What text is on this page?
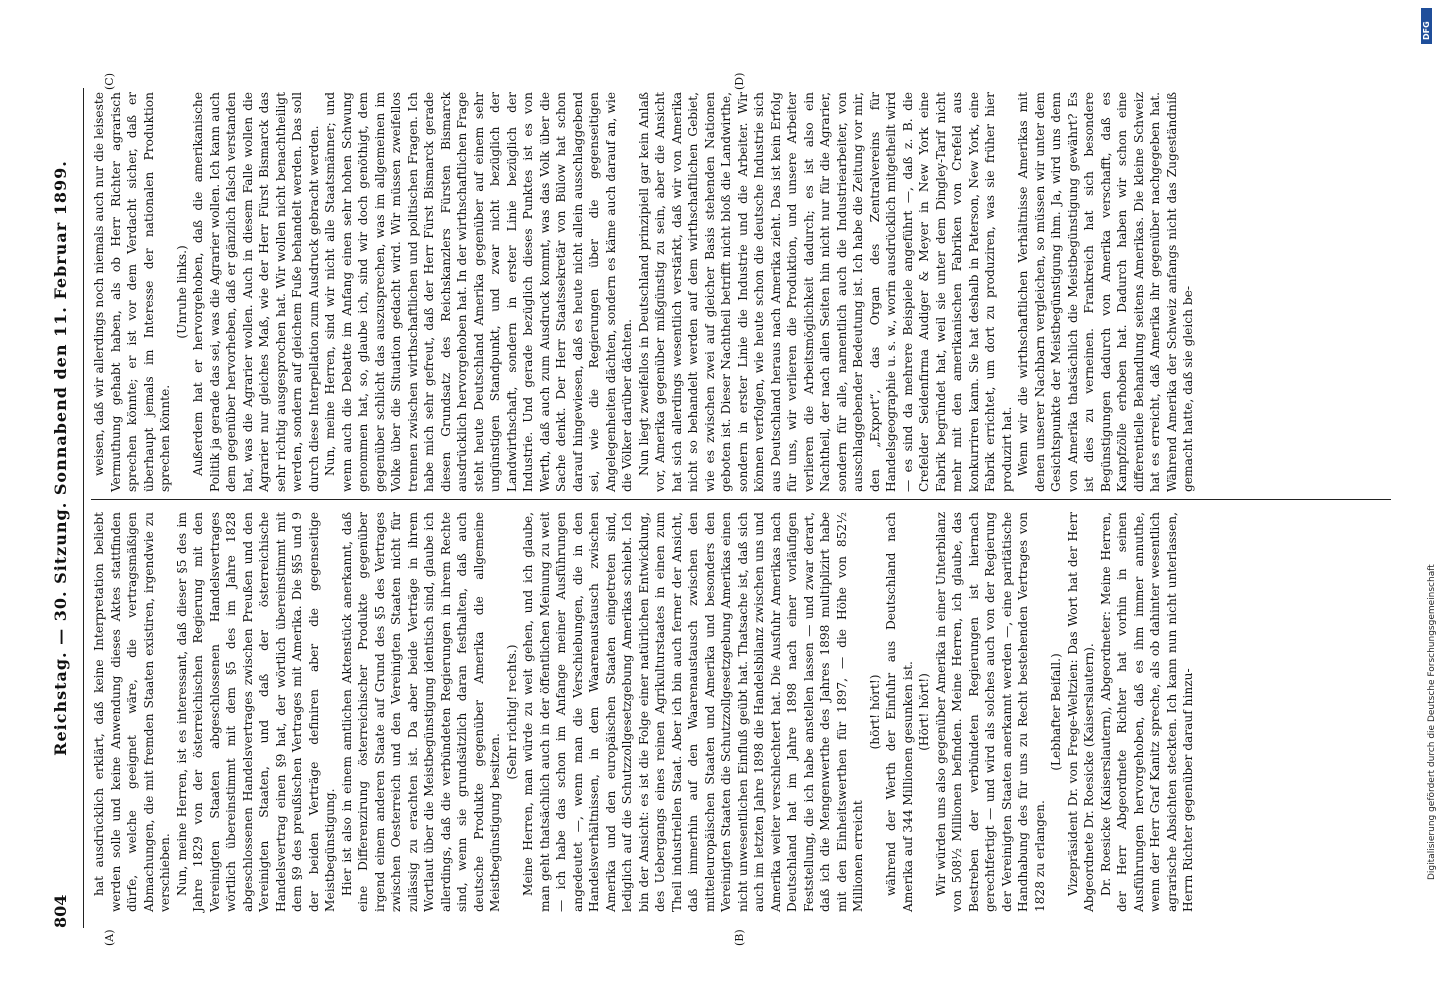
804
Reichstag. — 30. Sitzung. Sonnabend den 11. Februar 1899.
(A)	(B)
(C)	(D)

hat ausdrücklich erklärt, daß keine Interpretation beliebt werden solle und keine Anwendung dieses Aktes stattfinden dürfe, welche geeignet wäre, die vertragsmäßigen Abmachungen, die mit fremden Staaten existiren, irgendwie zu verschieben. Nun, meine Herren, ist es interessant, daß dieser §5 des im Jahre 1829 von der österreichischen Regierung mit den Vereinigten Staaten abgeschlossenen Handelsvertrages wörtlich übereinstimmt mit dem §5 des im Jahre 1828 abgeschlossenen Handelsvertrages zwischen Preußen und den Vereinigten Staaten, und daß der österreichische Handelsvertrag einen §9 hat, der wörtlich übereinstimmt mit dem §9 des preußischen Vertrages mit Amerika. Die §§5 und 9 der beiden Verträge definiren aber die gegenseitige Meistbegünstigung. Hier ist also in einem amtlichen Aktenstück anerkannt, daß eine Differenzirung österreichischer Produkte gegenüber irgend einem anderen Staate auf Grund des §5 des Vertrages zwischen Oesterreich und den Vereinigten Staaten nicht für zulässig zu erachten ist. Da aber beide Verträge in ihrem Wortlaut über die Meistbegünstigung identisch sind, glaube ich allerdings, daß die verbündeten Regierungen in ihrem Rechte sind, wenn sie grundsätzlich daran festhalten, daß auch deutsche Produkte gegenüber Amerika die allgemeine Meistbegünstigung besitzen.

(Sehr richtig! rechts.) Meine Herren, man würde zu weit gehen, und ich glaube, man geht thatsächlich auch in der öffentlichen Meinung zu weit — ich habe das schon im Anfange meiner Ausführungen angedeutet —, wenn man die Verschiebungen, die in den Handelsverhältnissen, in dem Waarenaustausch zwischen Amerika und den europäischen Staaten eingetreten sind, lediglich auf die Schutzzollgesetzgebung Amerikas schiebt. Ich bin der Ansicht: es ist die Folge einer natürlichen Entwicklung, des Uebergangs eines reinen Agrikulturstaates in einen zum Theil industriellen Staat. Aber ich bin auch ferner der Ansicht, daß immerhin auf den Waarenaustausch zwischen den mitteleuropäischen Staaten und Amerika und besonders den Vereinigten Staaten die Schutzzollgesetzgebung Amerikas einen nicht unwesentlichen Einfluß geübt hat. Thatsache ist, daß sich auch im letzten Jahre 1898 die Handelsbilanz zwischen uns und Amerika weiter verschlechtert hat. Die Ausfuhr Amerikas nach Deutschland hat im Jahre 1898 nach einer vorläufigen Feststellung, die ich habe anstellen lassen — und zwar derart, daß ich die Mengenwerthe des Jahres 1898 multiplizirt habe mit den Einheitswerthen für 1897, — die Höhe von 852½ Millionen erreicht

(hört! hört!) während der Werth der Einfuhr aus Deutschland nach Amerika auf 344 Millionen gesunken ist. (Hört! hört!) Wir würden uns also gegenüber Amerika in einer Unterbilanz von 508½ Millionen befinden. Meine Herren, ich glaube, das Bestreben der verbündeten Regierungen ist hiernach gerechtfertigt — und wird als solches auch von der Regierung der Vereinigten Staaten anerkannt werden —, eine paritätische Handhabung des für uns zu Recht bestehenden Vertrages von 1828 zu erlangen.

(Lebhafter Beifall.) Vizepräsident Dr. von Frege-Weltzien: Das Wort hat der Herr Abgeordnete Dr. Roesicke (Kaiserslautern). Dr. Roesicke (Kaiserslautern), Abgeordneter: Meine Herren, der Herr Abgeordnete Richter hat vorhin in seinen Ausführungen hervorgehoben, daß es ihm immer annuthe, wenn der Herr Graf Kanitz spreche, als ob dahinter wesentlich agrarische Absichten steckten. Ich kann nun nicht unterlassen, Herrn Richter gegenüber darauf hinzu-

weisen, daß wir allerdings noch niemals auch nur die leiseste Vermuthung gehabt haben, als ob Herr Richter agrarisch sprechen könnte; er ist vor dem Verdacht sicher, daß er überhaupt jemals im Interesse der nationalen Produktion sprechen könnte.

(Unruhe links.) Außerdem hat er hervorgehoben, daß die amerikanische Politik ja gerade das sei, was die Agrarier wollen. Ich kann auch dem gegenüber hervorheben, daß er gänzlich falsch verstanden hat, was die Agrarier wollen. Auch in diesem Falle wollen die Agrarier nur gleiches Maß, wie der Herr Fürst Bismarck das sehr richtig ausgesprochen hat. Wir wollen nicht benachtheiligt werden, sondern auf gleichem Fuße behandelt werden. Das soll durch diese Interpellation zum Ausdruck gebracht werden. Nun, meine Herren, sind wir nicht alle Staatsmänner; und wenn auch die Debatte im Anfang einen sehr hohen Schwung genommen hat, so, glaube ich, sind wir doch genöthigt, dem gegenüber schlicht das auszusprechen, was im allgemeinen im Volke über die Situation gedacht wird. Wir müssen zweifellos trennen zwischen wirthschaftlichen und politischen Fragen. Ich habe mich sehr gefreut, daß der Herr Fürst Bismarck gerade diesen Grundsatz des Reichskanzlers Fürsten Bismarck ausdrücklich hervorgehoben hat. In der wirthschaftlichen Frage steht heute Deutschland Amerika gegenüber auf einem sehr ungünstigen Standpunkt, und zwar nicht bezüglich der Landwirthschaft, sondern in erster Linie bezüglich der Industrie. Und gerade bezüglich dieses Punktes ist es von Werth, daß auch zum Ausdruck kommt, was das Volk über die Sache denkt. Der Herr Staatssekretär von Bülow hat schon darauf hingewiesen, daß es heute nicht allein ausschlaggebend sei, wie die Regierungen über die gegenseitigen Angelegenheiten dächten, sondern es käme auch darauf an, wie die Völker darüber dächten. Nun liegt zweifellos in Deutschland prinzipiell gar kein Anlaß vor, Amerika gegenüber mißgünstig zu sein, aber die Ansicht hat sich allerdings wesentlich verstärkt, daß wir von Amerika nicht so behandelt werden auf dem wirthschaftlichen Gebiet, wie es zwischen zwei auf gleicher Basis stehenden Nationen geboten ist. Dieser Nachtheil betrifft nicht bloß die Landwirthe, sondern in erster Linie die Industrie und die Arbeiter. Wir können verfolgen, wie heute schon die deutsche Industrie sich aus Deutschland heraus nach Amerika zieht. Das ist kein Erfolg für uns, wir verlieren die Produktion, und unsere Arbeiter verlieren die Arbeitsmöglichkeit dadurch; es ist also ein Nachtheil, der nach allen Seiten hin nicht nur für die Agrarier, sondern für alle, namentlich auch die Industriearbeiter, von ausschlaggebender Bedeutung ist. Ich habe die Zeitung vor mir, den „Export“, das Organ des Zentralvereins für Handelsgeographie u. s. w., worin ausdrücklich mitgetheilt wird — es sind da mehrere Beispiele angeführt —, daß z. B. die Crefelder Seidenfirma Audiger & Meyer in New York eine Fabrik begründet hat, weil sie unter dem Dingley-Tarif nicht mehr mit den amerikanischen Fabriken von Crefeld aus konkurriren kann. Sie hat deshalb in Paterson, New York, eine Fabrik errichtet, um dort zu produziren, was sie früher hier produzirt hat. Wenn wir die wirthschaftlichen Verhältnisse Amerikas mit denen unserer Nachbarn vergleichen, so müssen wir unter dem Gesichtspunkte der Meistbegünstigung ihm. Ja, wird uns denn von Amerika thatsächlich die Meistbegünstigung gewährt? Es ist dies zu verneinen. Frankreich hat sich besondere Begünstigungen dadurch von Amerika verschafft, daß es Kampfzölle erhoben hat. Dadurch haben wir schon eine differentielle Behandlung seitens Amerikas. Die kleine Schweiz hat es erreicht, daß Amerika ihr gegenüber nachgegeben hat. Während Amerika der Schweiz anfangs nicht das Zugeständniß gemacht hatte, daß sie gleich be-

DFG
Digitalisierung gefördert durch die Deutsche Forschungsgemeinschaft
